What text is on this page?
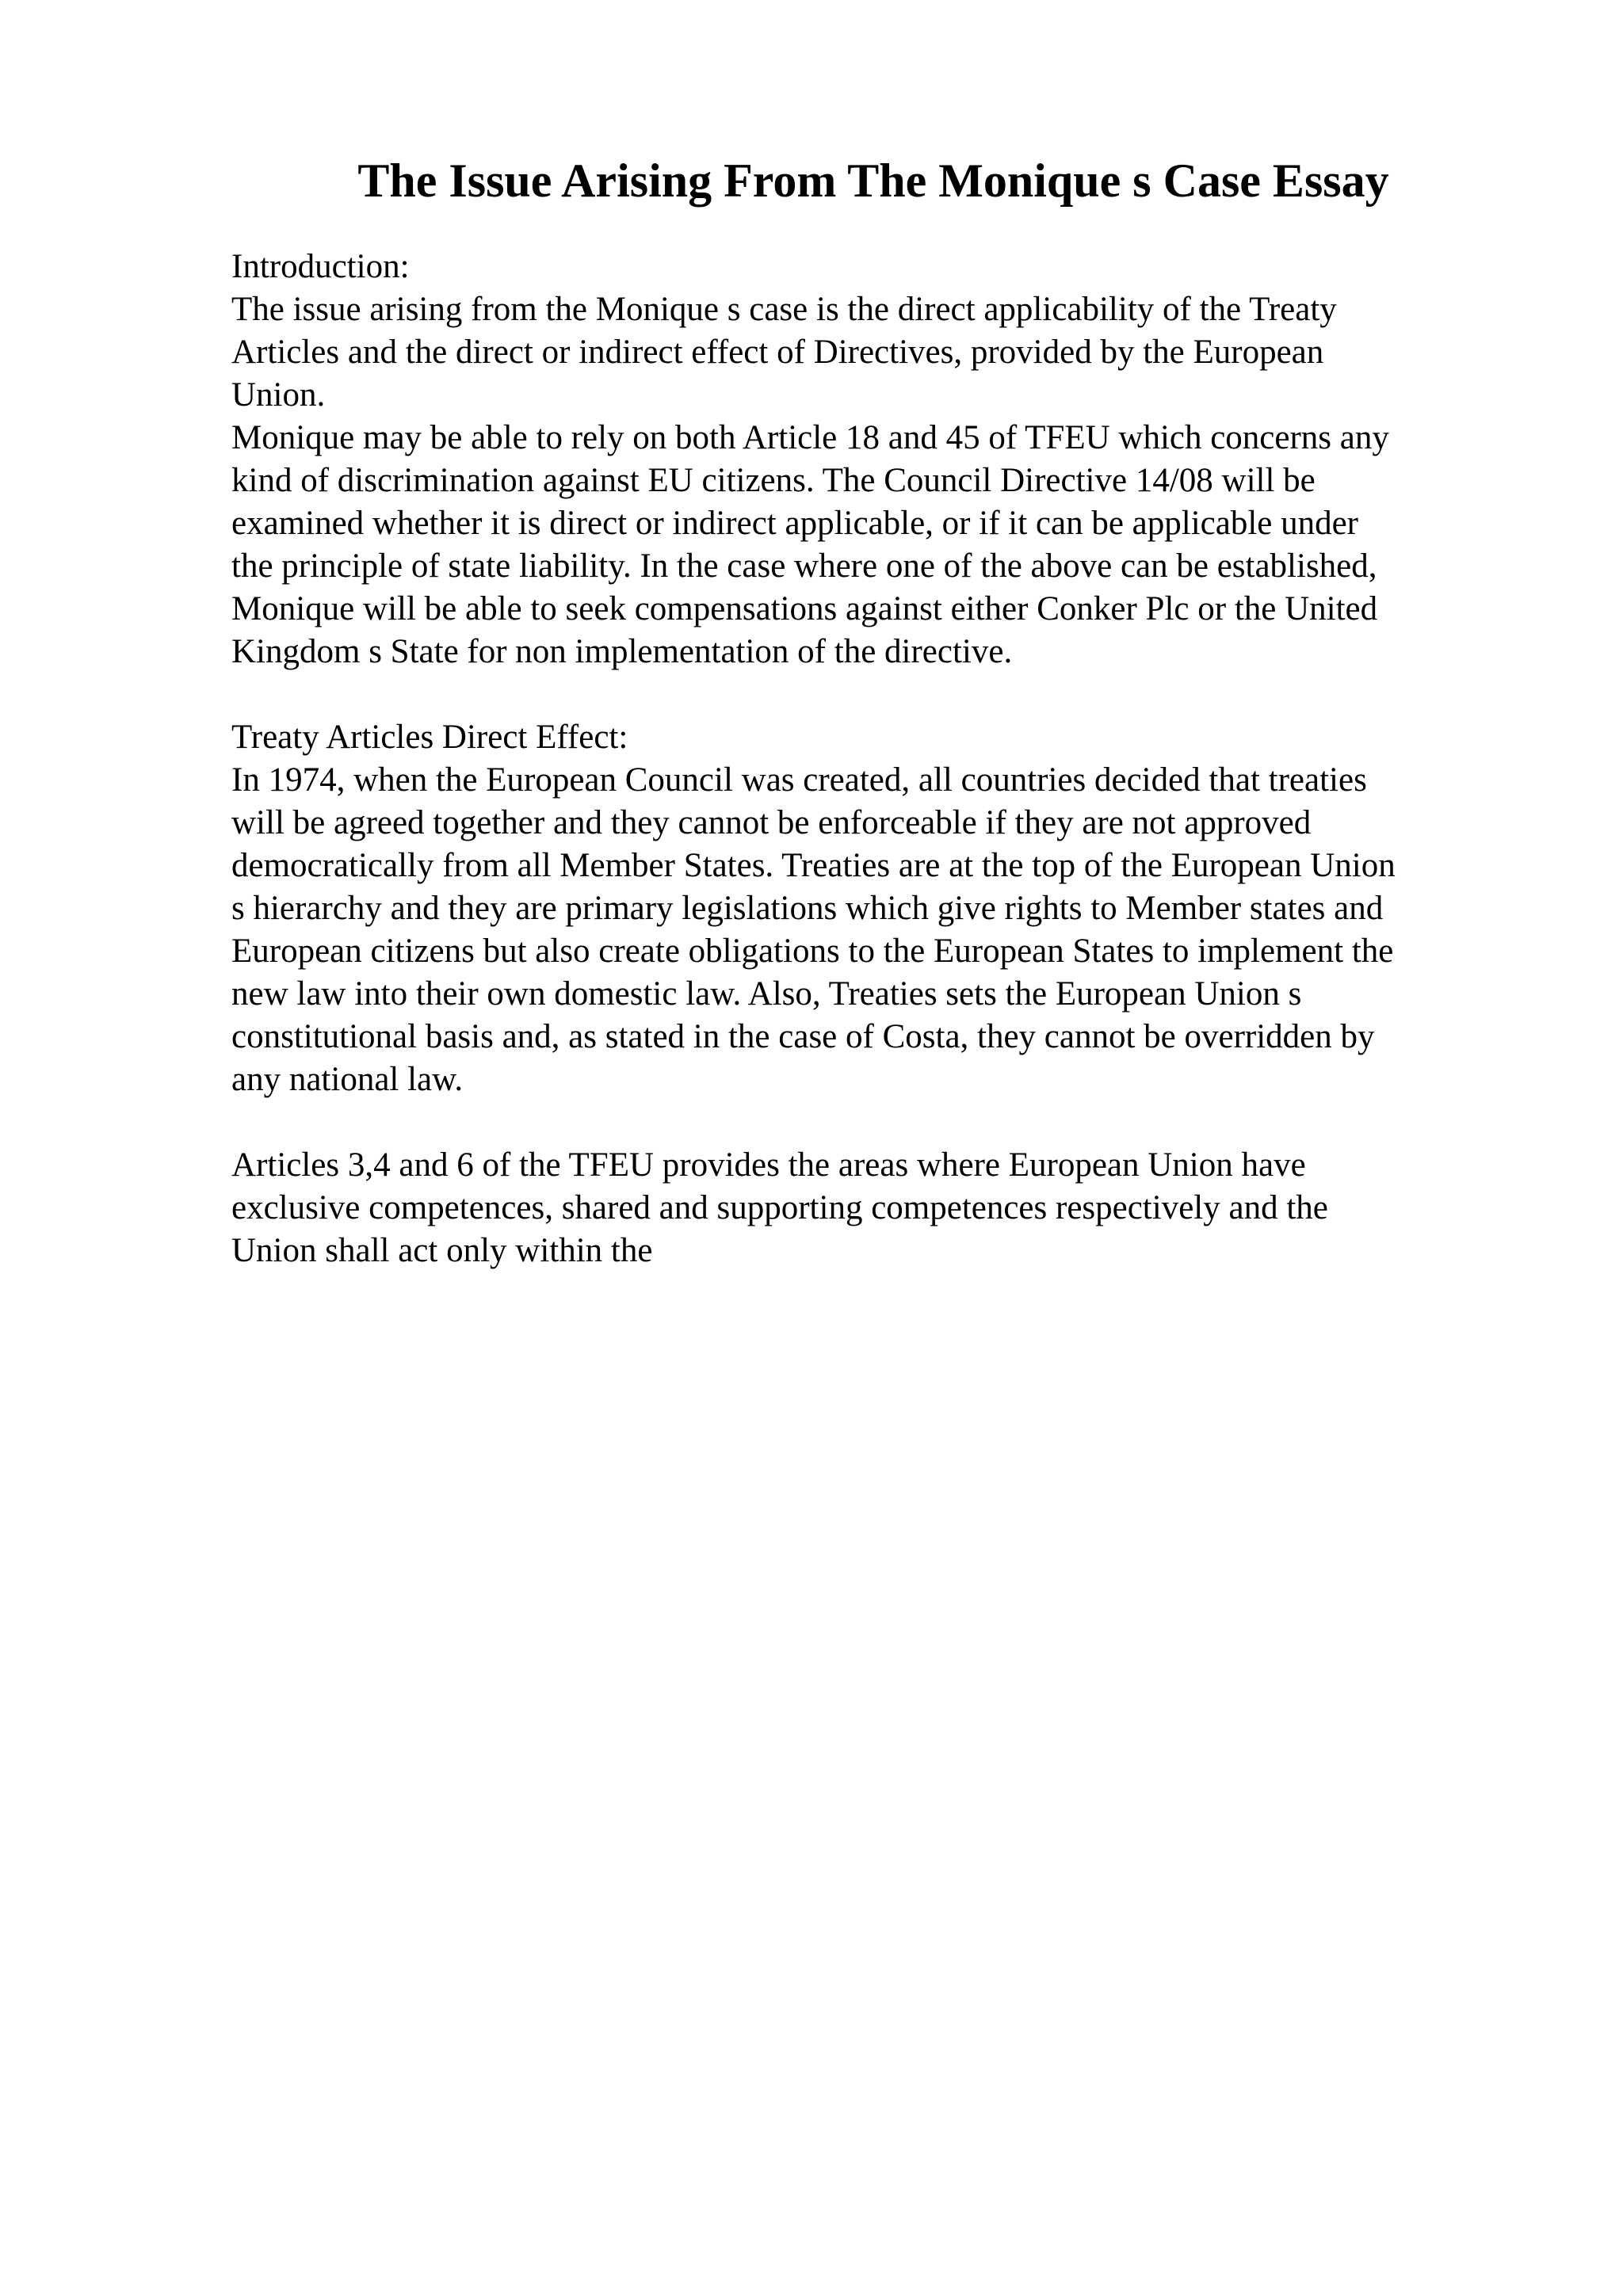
The Issue Arising From The Monique s Case Essay
Introduction:
The issue arising from the Monique s case is the direct applicability of the Treaty
Articles and the direct or indirect effect of Directives, provided by the European
Union.
Monique may be able to rely on both Article 18 and 45 of TFEU which concerns any
kind of discrimination against EU citizens. The Council Directive 14/08 will be
examined whether it is direct or indirect applicable, or if it can be applicable under
the principle of state liability. In the case where one of the above can be established,
Monique will be able to seek compensations against either Conker Plc or the United
Kingdom s State for non implementation of the directive.
Treaty Articles Direct Effect:
In 1974, when the European Council was created, all countries decided that treaties
will be agreed together and they cannot be enforceable if they are not approved
democratically from all Member States. Treaties are at the top of the European Union
s hierarchy and they are primary legislations which give rights to Member states and
European citizens but also create obligations to the European States to implement the
new law into their own domestic law. Also, Treaties sets the European Union s
constitutional basis and, as stated in the case of Costa, they cannot be overridden by
any national law.
Articles 3,4 and 6 of the TFEU provides the areas where European Union have
exclusive competences, shared and supporting competences respectively and the
Union shall act only within the
